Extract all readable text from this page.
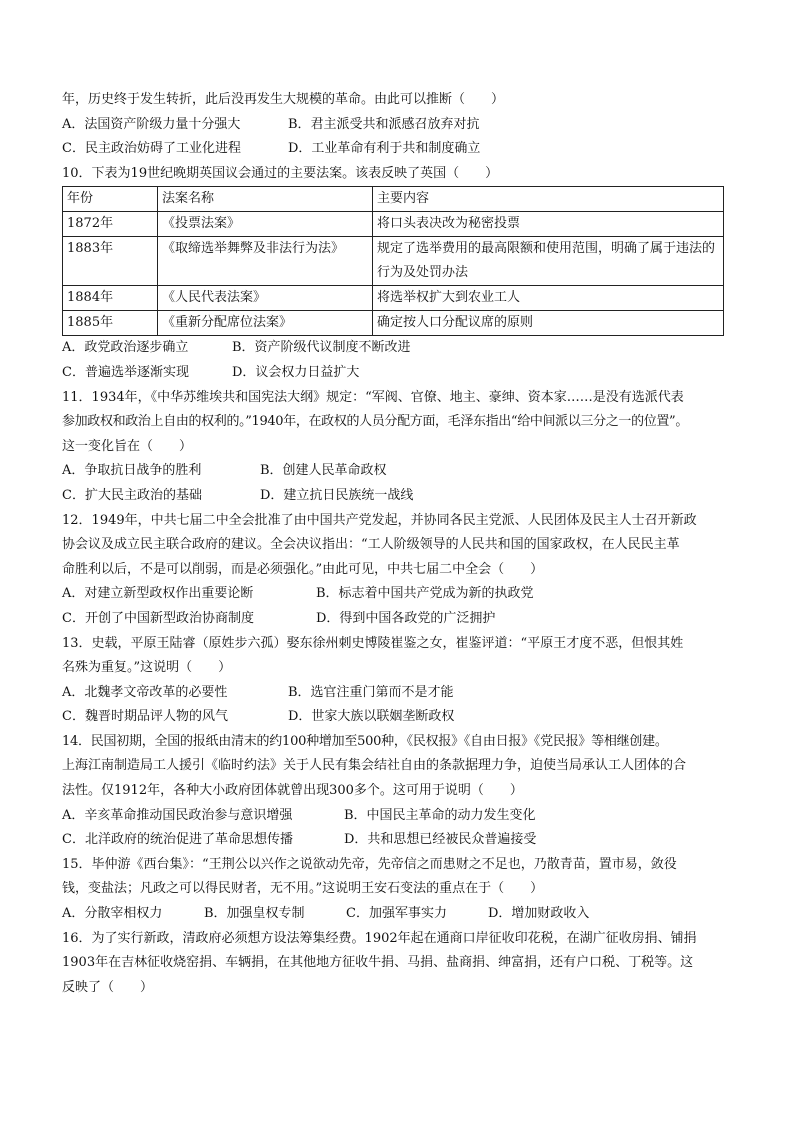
年，历史终于发生转折，此后没再发生大规模的革命。由此可以推断（　　）
A．法国资产阶级力量十分强大	B．君主派受共和派感召放弃对抗
C．民主政治妨碍了工业化进程	D．工业革命有利于共和制度确立
10．下表为19世纪晚期英国议会通过的主要法案。该表反映了英国（　　）
年份	法案名称	主要内容
1872年	《投票法案》	将口头表决改为秘密投票
1883年	《取缔选举舞弊及非法行为法》	规定了选举费用的最高限额和使用范围，明确了属于违法的行为及处罚办法
1884年	《人民代表法案》	将选举权扩大到农业工人
1885年	《重新分配席位法案》	确定按人口分配议席的原则
A．政党政治逐步确立	B．资产阶级代议制度不断改进
C．普遍选举逐渐实现	D．议会权力日益扩大
11．1934年，《中华苏维埃共和国宪法大纲》规定：“军阀、官僚、地主、豪绅、资本家……是没有选派代表
参加政权和政治上自由的权利的。”1940年，在政权的人员分配方面，毛泽东指出“给中间派以三分之一的位置”。
这一变化旨在（　　）
A．争取抗日战争的胜利	B．创建人民革命政权
C．扩大民主政治的基础	D．建立抗日民族统一战线
12．1949年，中共七届二中全会批准了由中国共产党发起，并协同各民主党派、人民团体及民主人士召开新政
协会议及成立民主联合政府的建议。全会决议指出：“工人阶级领导的人民共和国的国家政权，在人民民主革
命胜利以后，不是可以削弱，而是必须强化。”由此可见，中共七届二中全会（　　）
A．对建立新型政权作出重要论断	B．标志着中国共产党成为新的执政党
C．开创了中国新型政治协商制度	D．得到中国各政党的广泛拥护
13．史载，平原王陆睿（原姓步六孤）娶东徐州刺史博陵崔鉴之女，崔鉴评道：“平原王才度不恶，但恨其姓
名殊为重复。”这说明（　　）
A．北魏孝文帝改革的必要性	B．选官注重门第而不是才能
C．魏晋时期品评人物的风气	D．世家大族以联姻垄断政权
14．民国初期，全国的报纸由清末的约100种增加至500种，《民权报》《自由日报》《党民报》等相继创建。
上海江南制造局工人援引《临时约法》关于人民有集会结社自由的条款据理力争，迫使当局承认工人团体的合
法性。仅1912年，各种大小政府团体就曾出现300多个。这可用于说明（　　）
A．辛亥革命推动国民政治参与意识增强	B．中国民主革命的动力发生变化
C．北洋政府的统治促进了革命思想传播	D．共和思想已经被民众普遍接受
15．毕仲游《西台集》：“王荆公以兴作之说欲动先帝，先帝信之而患财之不足也，乃散青苗，置市易，敛役
钱，变盐法；凡政之可以得民财者，无不用。”这说明王安石变法的重点在于（　　）
A．分散宰相权力	B．加强皇权专制	C．加强军事实力	D．增加财政收入
16．为了实行新政，清政府必须想方设法筹集经费。1902年起在通商口岸征收印花税，在湖广征收房捐、铺捐
1903年在吉林征收烧窑捐、车辆捐，在其他地方征收牛捐、马捐、盐商捐、绅富捐，还有户口税、丁税等。这
反映了（　　）
